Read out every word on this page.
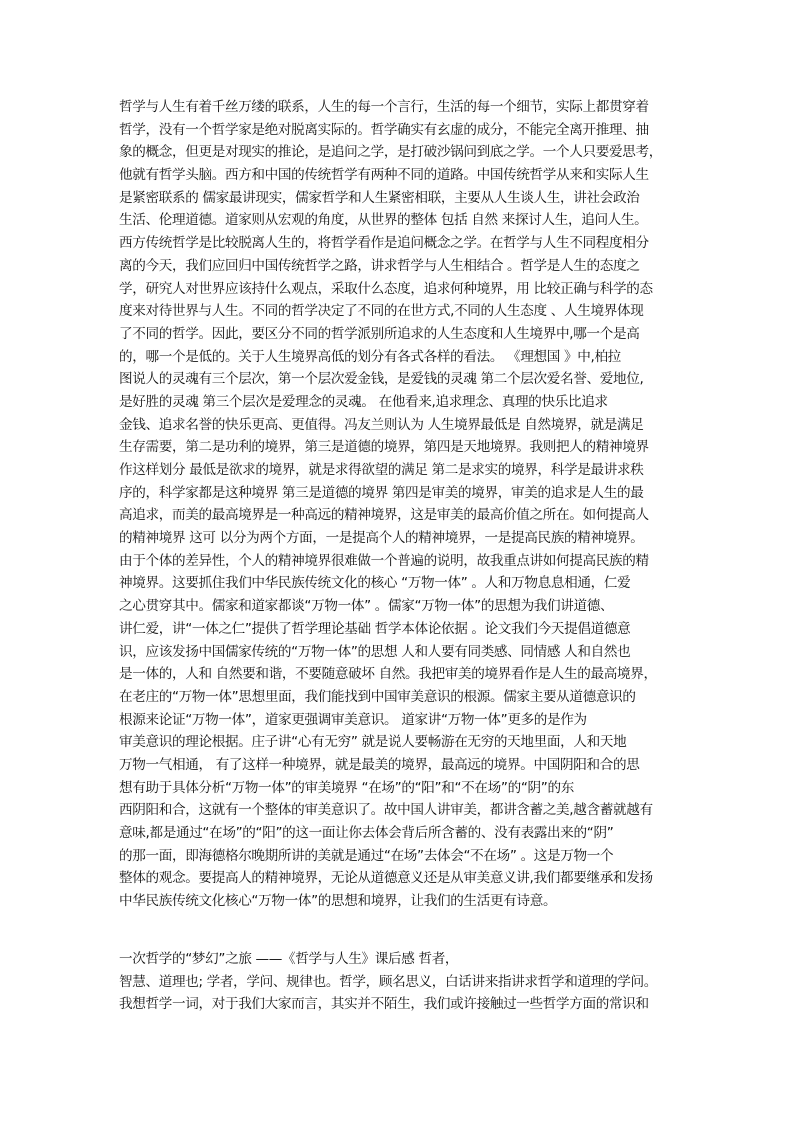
哲学与人生有着千丝万缕的联系，人生的每一个言行，生活的每一个细节，实际上都贯穿着
哲学，没有一个哲学家是绝对脱离实际的。哲学确实有玄虚的成分，不能完全离开推理、抽
象的概念，但更是对现实的推论，是追问之学，是打破沙锅问到底之学。一个人只要爱思考，
他就有哲学头脑。西方和中国的传统哲学有两种不同的道路。中国传统哲学从来和实际人生
是紧密联系的 儒家最讲现实，儒家哲学和人生紧密相联，主要从人生谈人生，讲社会政治
生活、伦理道德。道家则从宏观的角度，从世界的整体 包括 自然 来探讨人生，追问人生。
西方传统哲学是比较脱离人生的，将哲学看作是追问概念之学。在哲学与人生不同程度相分
离的今天，我们应回归中国传统哲学之路，讲求哲学与人生相结合 。哲学是人生的态度之
学，研究人对世界应该持什么观点，采取什么态度，追求何种境界，用 比较正确与科学的态
度来对待世界与人生。不同的哲学决定了不同的在世方式,不同的人生态度 、人生境界体现
了不同的哲学。因此，要区分不同的哲学派别所追求的人生态度和人生境界中,哪一个是高
的，哪一个是低的。关于人生境界高低的划分有各式各样的看法。 《理想国 》中,柏拉
图说人的灵魂有三个层次，第一个层次爱金钱，是爱钱的灵魂 第二个层次爱名誉、爱地位,
是好胜的灵魂 第三个层次是爱理念的灵魂。 在他看来,追求理念、真理的快乐比追求
金钱、追求名誉的快乐更高、更值得。冯友兰则认为 人生境界最低是 自然境界，就是满足
生存需要，第二是功利的境界，第三是道德的境界，第四是天地境界。我则把人的精神境界
作这样划分 最低是欲求的境界，就是求得欲望的满足 第二是求实的境界，科学是最讲求秩
序的，科学家都是这种境界 第三是道德的境界 第四是审美的境界，审美的追求是人生的最
高追求，而美的最高境界是一种高远的精神境界，这是审美的最高价值之所在。如何提高人
的精神境界 这可 以分为两个方面，一是提高个人的精神境界，一是提高民族的精神境界。
由于个体的差异性，个人的精神境界很难做一个普遍的说明，故我重点讲如何提高民族的精
神境界。这要抓住我们中华民族传统文化的核心 “万物一体” 。人和万物息息相通，仁爱
之心贯穿其中。儒家和道家都谈“万物一体” 。儒家“万物一体”的思想为我们讲道德、
讲仁爱，讲“一体之仁”提供了哲学理论基础 哲学本体论依据 。论文我们今天提倡道德意
识，应该发扬中国儒家传统的“万物一体”的思想 人和人要有同类感、同情感 人和自然也
是一体的，人和 自然要和谐，不要随意破坏 自然。我把审美的境界看作是人生的最高境界，
在老庄的“万物一体”思想里面，我们能找到中国审美意识的根源。儒家主要从道德意识的
根源来论证“万物一体”，道家更强调审美意识。 道家讲“万物一体”更多的是作为
审美意识的理论根据。庄子讲“心有无穷” 就是说人要畅游在无穷的天地里面，人和天地
万物一气相通， 有了这样一种境界，就是最美的境界，最高远的境界。中国阴阳和合的思
想有助于具体分析“万物一体”的审美境界 “在场”的“阳”和“不在场”的“阴”的东
西阴阳和合，这就有一个整体的审美意识了。故中国人讲审美，都讲含蓄之美,越含蓄就越有
意味,都是通过“在场”的“阳”的这一面让你去体会背后所含蓄的、没有表露出来的“阴”
的那一面，即海德格尔晚期所讲的美就是通过“在场”去体会“不在场” 。这是万物一个
整体的观念。要提高人的精神境界，无论从道德意义还是从审美意义讲,我们都要继承和发扬
中华民族传统文化核心“万物一体”的思想和境界，让我们的生活更有诗意。
一次哲学的“梦幻”之旅 ——《哲学与人生》课后感 哲者，
智慧、道理也; 学者，学问、规律也。哲学，顾名思义，白话讲来指讲求哲学和道理的学问。
我想哲学一词，对于我们大家而言，其实并不陌生，我们或许接触过一些哲学方面的常识和
